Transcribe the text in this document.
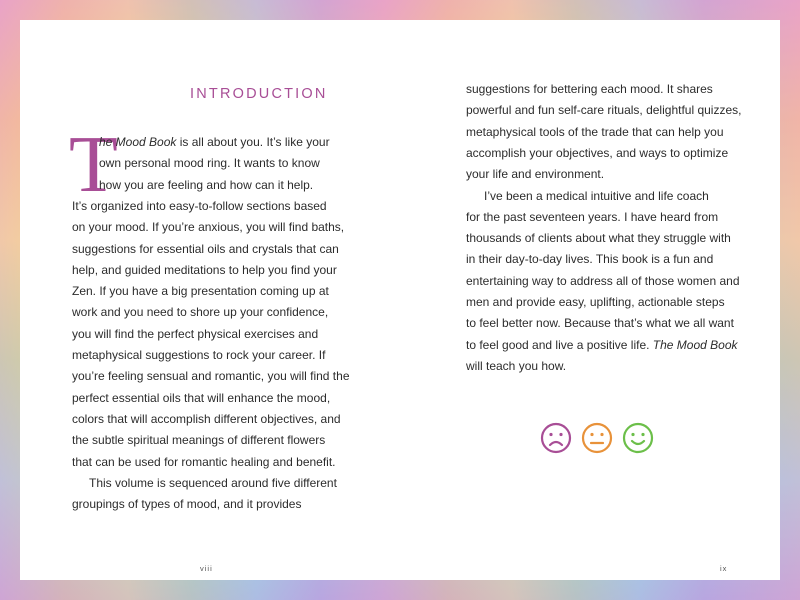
INTRODUCTION
T
he Mood Book is all about you. It’s like your
own personal mood ring. It wants to know
how you are feeling and how can it help.
It’s organized into easy-to-follow sections based
on your mood. If you’re anxious, you will find baths,
suggestions for essential oils and crystals that can
help, and guided meditations to help you find your
Zen. If you have a big presentation coming up at
work and you need to shore up your confidence,
you will find the perfect physical exercises and
metaphysical suggestions to rock your career. If
you’re feeling sensual and romantic, you will find the
perfect essential oils that will enhance the mood,
colors that will accomplish different objectives, and
the subtle spiritual meanings of different flowers
that can be used for romantic healing and benefit.
This volume is sequenced around five different
groupings of types of mood, and it provides
viii
suggestions for bettering each mood. It shares
powerful and fun self-care rituals, delightful quizzes,
metaphysical tools of the trade that can help you
accomplish your objectives, and ways to optimize
your life and environment.
I’ve been a medical intuitive and life coach
for the past seventeen years. I have heard from
thousands of clients about what they struggle with
in their day-to-day lives. This book is a fun and
entertaining way to address all of those women and
men and provide easy, uplifting, actionable steps
to feel better now. Because that’s what we all want
to feel good and live a positive life. The Mood Book
will teach you how.
ix
